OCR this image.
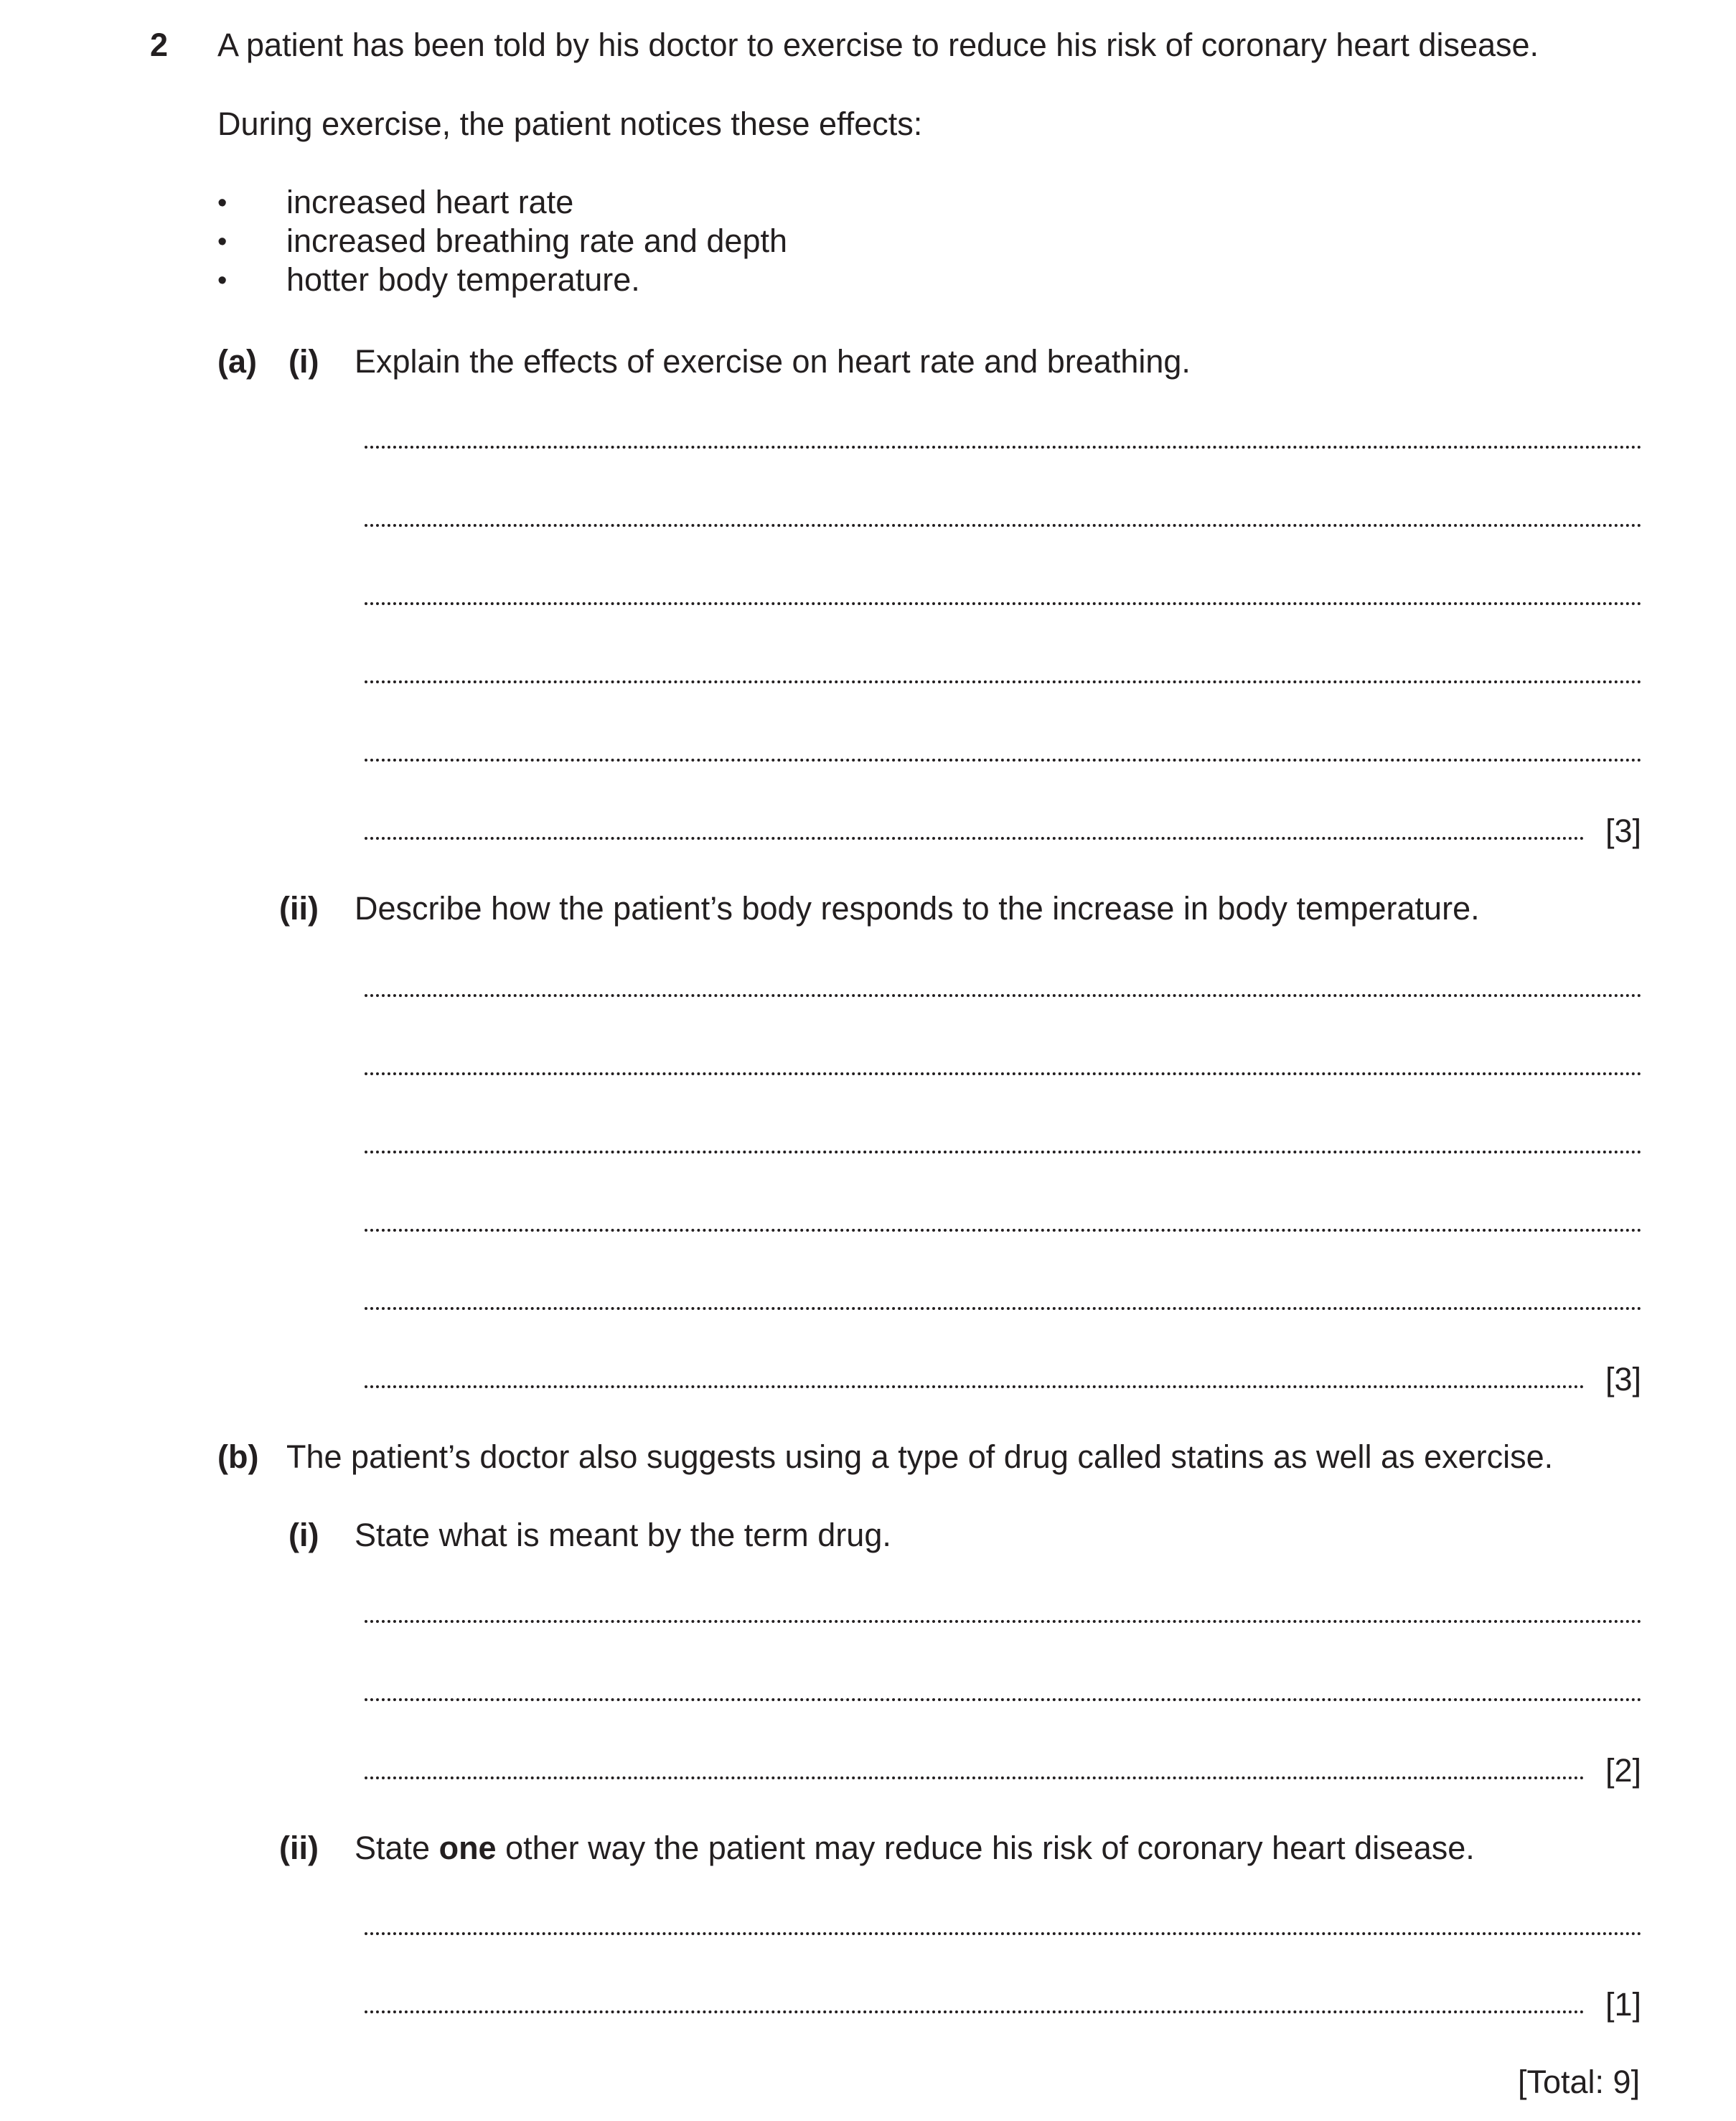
2 A patient has been told by his doctor to exercise to reduce his risk of coronary heart disease.
During exercise, the patient notices these effects:
• increased heart rate
• increased breathing rate and depth
• hotter body temperature.
(a) (i) Explain the effects of exercise on heart rate and breathing.
[3]
(ii) Describe how the patient’s body responds to the increase in body temperature.
[3]
(b) The patient’s doctor also suggests using a type of drug called statins as well as exercise.
(i) State what is meant by the term drug.
[2]
(ii) State one other way the patient may reduce his risk of coronary heart disease.
[1]
[Total: 9]
